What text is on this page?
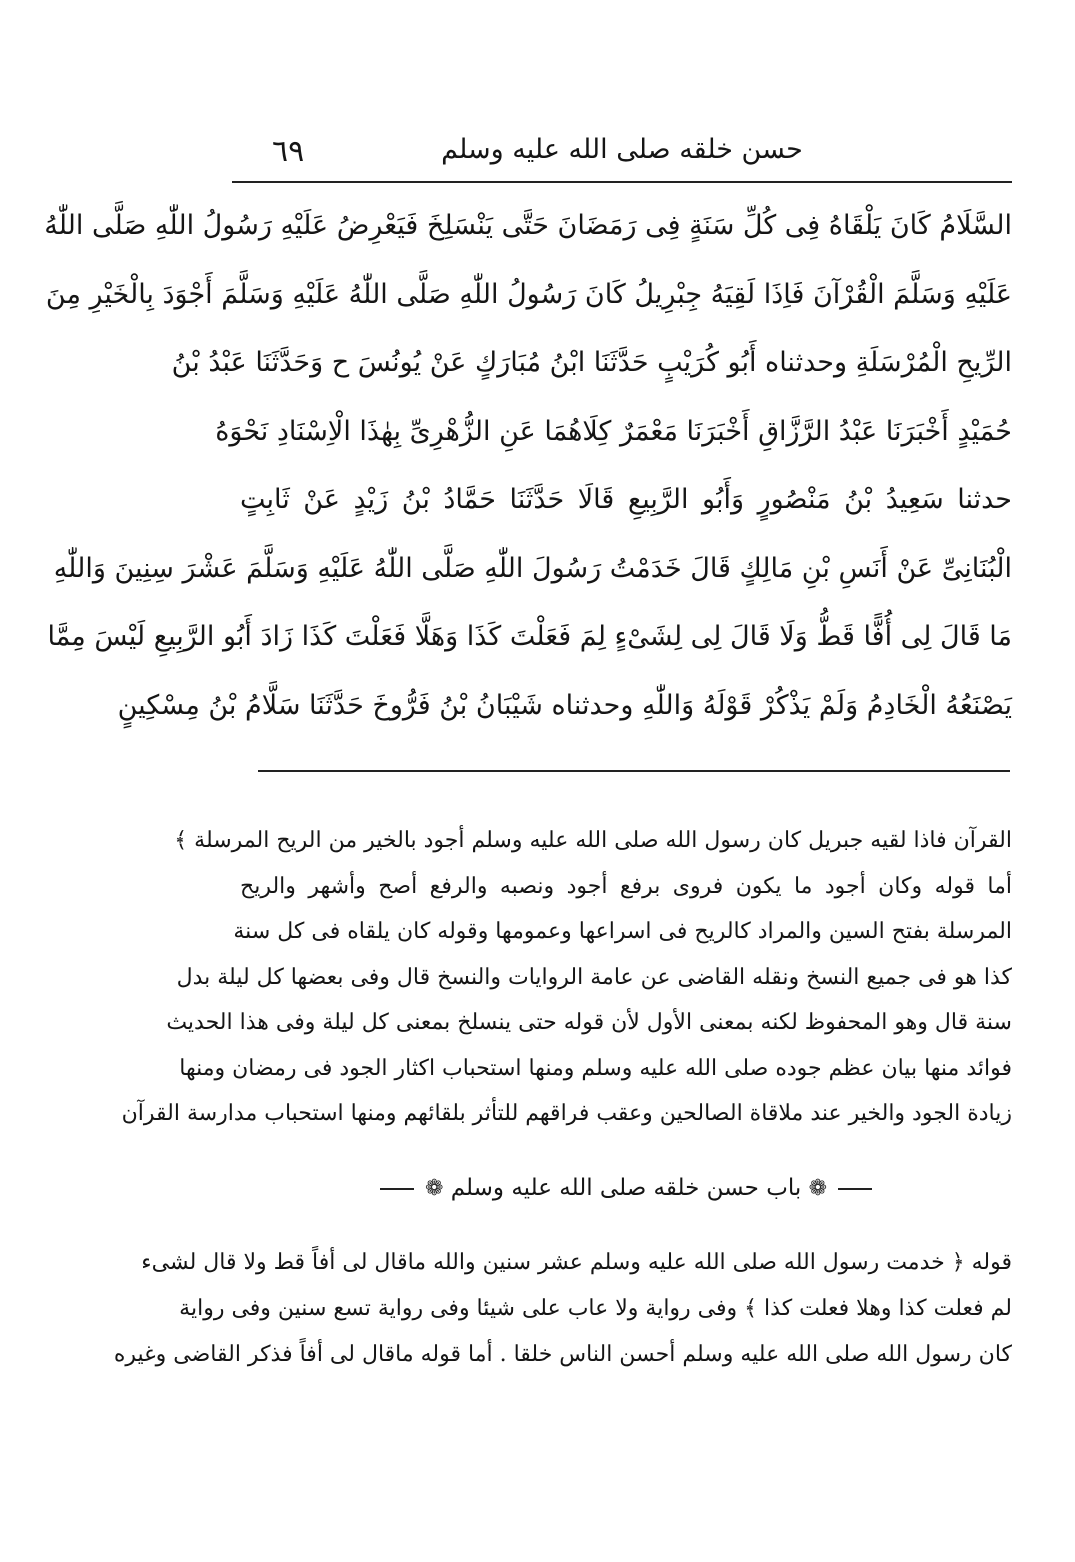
٦٩	حسن خلقه صلى الله عليه وسلم
السَّلَامُ كَانَ يَلْقَاهُ فِى كُلِّ سَنَةٍ فِى رَمَضَانَ حَتَّى يَنْسَلِخَ فَيَعْرِضُ عَلَيْهِ رَسُولُ اللّٰهِ صَلَّى اللّٰهُ
عَلَيْهِ وَسَلَّمَ الْقُرْآنَ فَاِذَا لَقِيَهُ جِبْرِيلُ كَانَ رَسُولُ اللّٰهِ صَلَّى اللّٰهُ عَلَيْهِ وَسَلَّمَ أَجْوَدَ بِالْخَيْرِ مِنَ
الرِّيحِ الْمُرْسَلَةِ وحدثناه أَبُو كُرَيْبٍ حَدَّثَنَا ابْنُ مُبَارَكٍ عَنْ يُونُسَ ح وَحَدَّثَنَا عَبْدُ بْنُ
حُمَيْدٍ أَخْبَرَنَا عَبْدُ الرَّزَّاقِ أَخْبَرَنَا مَعْمَرٌ كِلَاهُمَا عَنِ الزُّهْرِىِّ بِهٰذَا الْاِسْنَادِ نَحْوَهُ
حدثنا سَعِيدُ بْنُ مَنْصُورٍ وَأَبُو الرَّبِيعِ قَالَا حَدَّثَنَا حَمَّادُ بْنُ زَيْدٍ عَنْ ثَابِتٍ
الْبُنَانِىِّ عَنْ أَنَسِ بْنِ مَالِكٍ قَالَ خَدَمْتُ رَسُولَ اللّٰهِ صَلَّى اللّٰهُ عَلَيْهِ وَسَلَّمَ عَشْرَ سِنِينَ وَاللّٰهِ
مَا قَالَ لِى أُفًّا قَطُّ وَلَا قَالَ لِى لِشَىْءٍ لِمَ فَعَلْتَ كَذَا وَهَلَّا فَعَلْتَ كَذَا زَادَ أَبُو الرَّبِيعِ لَيْسَ مِمَّا
يَصْنَعُهُ الْخَادِمُ وَلَمْ يَذْكُرْ قَوْلَهُ وَاللّٰهِ وحدثناه شَيْبَانُ بْنُ فَرُّوخَ حَدَّثَنَا سَلَّامُ بْنُ مِسْكِينٍ
القرآن فاذا لقيه جبريل كان رسول الله صلى الله عليه وسلم أجود بالخير من الريح المرسلة ﴾
أما قوله وكان أجود ما يكون فروى برفع أجود ونصبه والرفع أصح وأشهر والريح
المرسلة بفتح السين والمراد كالريح فى اسراعها وعمومها وقوله كان يلقاه فى كل سنة
كذا هو فى جميع النسخ ونقله القاضى عن عامة الروايات والنسخ قال وفى بعضها كل ليلة بدل
سنة قال وهو المحفوظ لكنه بمعنى الأول لأن قوله حتى ينسلخ بمعنى كل ليلة وفى هذا الحديث
فوائد منها بيان عظم جوده صلى الله عليه وسلم ومنها استحباب اكثار الجود فى رمضان ومنها
زيادة الجود والخير عند ملاقاة الصالحين وعقب فراقهم للتأثر بلقائهم ومنها استحباب مدارسة القرآن
❁ باب حسن خلقه صلى الله عليه وسلم ❁
قوله ﴿ خدمت رسول الله صلى الله عليه وسلم عشر سنين والله ماقال لى أفاً قط ولا قال لشىء
لم فعلت كذا وهلا فعلت كذا ﴾ وفى رواية ولا عاب على شيئا وفى رواية تسع سنين وفى رواية
كان رسول الله صلى الله عليه وسلم أحسن الناس خلقا . أما قوله ماقال لى أفاً فذكر القاضى وغيره
